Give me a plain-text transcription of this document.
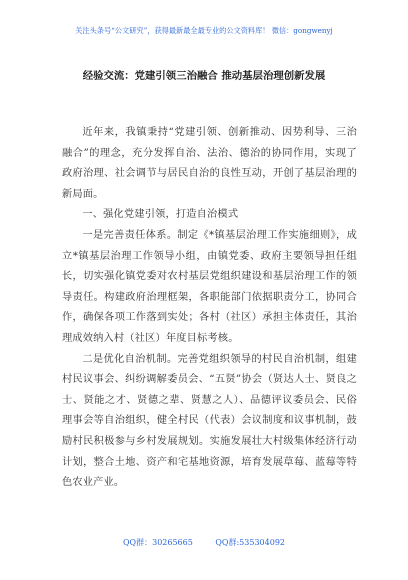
关注头条号“公文研究”，获得最新最全最专业的公文资料库！ 微信：gongwenyj
经验交流：党建引领三治融合 推动基层治理创新发展

近年来，我镇秉持“党建引领、创新推动、因势利导、三治融合”的理念，充分发挥自治、法治、德治的协同作用，实现了政府治理、社会调节与居民自治的良性互动，开创了基层治理的新局面。

一、强化党建引领，打造自治模式

一是完善责任体系。制定《*镇基层治理工作实施细则》，成立*镇基层治理工作领导小组，由镇党委、政府主要领导担任组长，切实强化镇党委对农村基层党组织建设和基层治理工作的领导责任。构建政府治理框架，各职能部门依据职责分工，协同合作，确保各项工作落到实处；各村（社区）承担主体责任，其治理成效纳入村（社区）年度目标考核。

二是优化自治机制。完善党组织领导的村民自治机制，组建村民议事会、纠纷调解委员会、“五贤”协会（贤达人士、贤良之士、贤能之才、贤德之辈、贤慧之人）、品德评议委员会、民俗理事会等自治组织，健全村民（代表）会议制度和议事机制，鼓励村民积极参与乡村发展规划。实施发展壮大村级集体经济行动计划，整合土地、资产和宅基地资源，培育发展草莓、蓝莓等特色农业产业。

QQ群：30265665	QQ群:535304092
